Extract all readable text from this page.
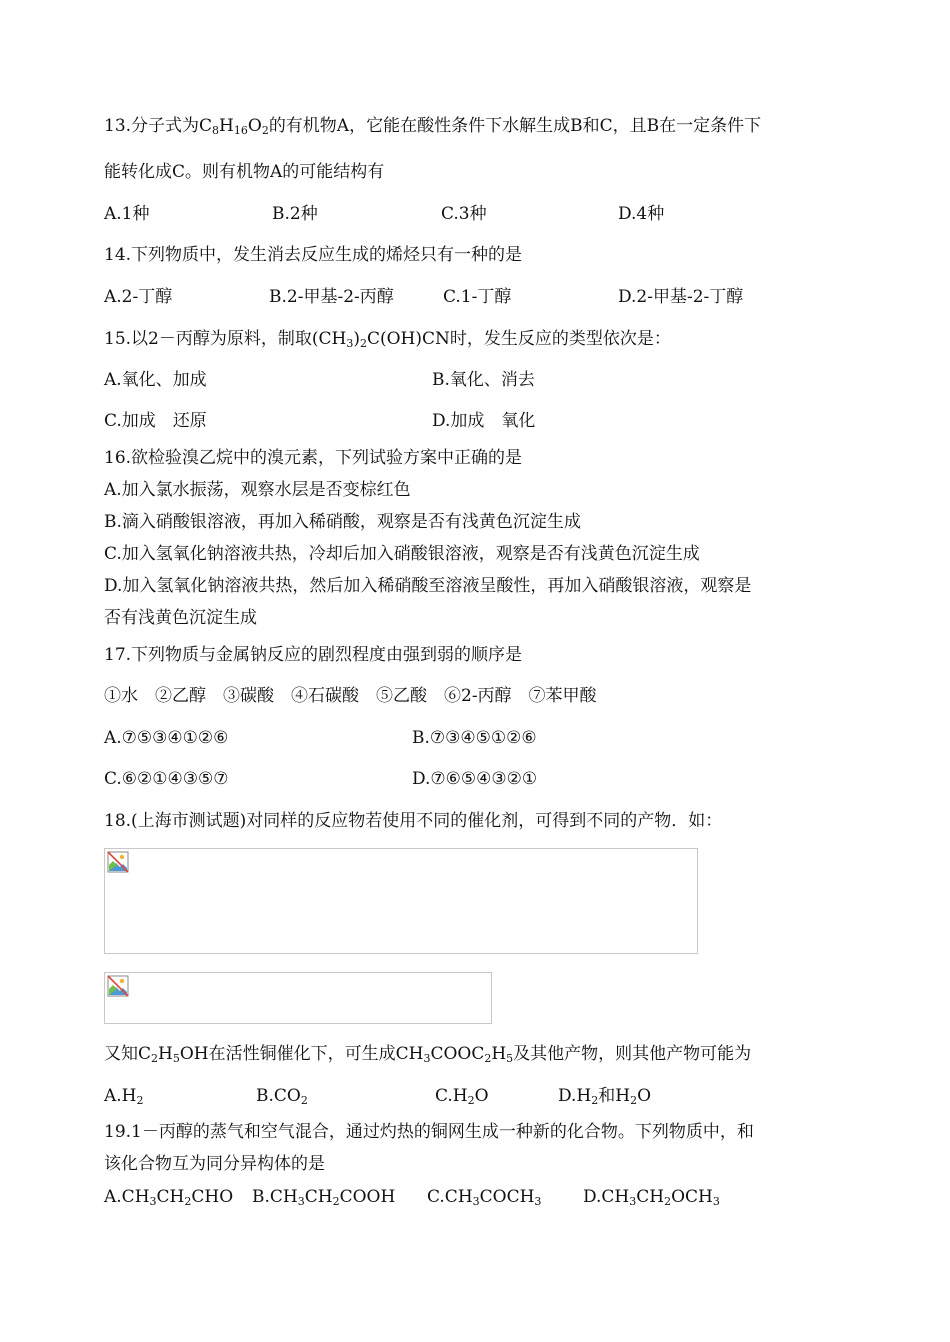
13.分子式为$C_8H_{16}O_2$的有机物A，它能在酸性条件下水解生成B和C，且B在一定条件下
能转化成C。则有机物A的可能结构有
A.1种	B.2种	C.3种	D.4种
14.下列物质中，发生消去反应生成的烯烃只有一种的是
A.2-丁醇	B.2-甲基-2-丙醇	C.1-丁醇	D.2-甲基-2-丁醇
15.以2－丙醇为原料，制取$(CH_3)_2C(OH)CN$时，发生反应的类型依次是：
A.氧化、加成	B.氧化、消去
C.加成　还原	D.加成　氧化
16.欲检验溴乙烷中的溴元素，下列试验方案中正确的是
A.加入氯水振荡，观察水层是否变棕红色
B.滴入硝酸银溶液，再加入稀硝酸，观察是否有浅黄色沉淀生成
C.加入氢氧化钠溶液共热，冷却后加入硝酸银溶液，观察是否有浅黄色沉淀生成
D.加入氢氧化钠溶液共热，然后加入稀硝酸至溶液呈酸性，再加入硝酸银溶液，观察是
否有浅黄色沉淀生成
17.下列物质与金属钠反应的剧烈程度由强到弱的顺序是
①水　②乙醇　③碳酸　④石碳酸　⑤乙酸　⑥2-丙醇　⑦苯甲酸
A.⑦⑤③④①②⑥	B.⑦③④⑤①②⑥
C.⑥②①④③⑤⑦	D.⑦⑥⑤④③②①
18.(上海市测试题)对同样的反应物若使用不同的催化剂，可得到不同的产物．如：
又知$C_2H_5OH$在活性铜催化下，可生成$CH_3COOC_2H_5$及其他产物，则其他产物可能为
$A.H_2$	$B.CO_2$	$C.H_2O$	$D.H_2$和$H_2O$
19.1－丙醇的蒸气和空气混合，通过灼热的铜网生成一种新的化合物。下列物质中，和
该化合物互为同分异构体的是
$A.CH_3CH_2CHO$ $B.CH_3CH_2COOH$ $C.CH_3COCH_3$ $D.CH_3CH_2OCH_3$
